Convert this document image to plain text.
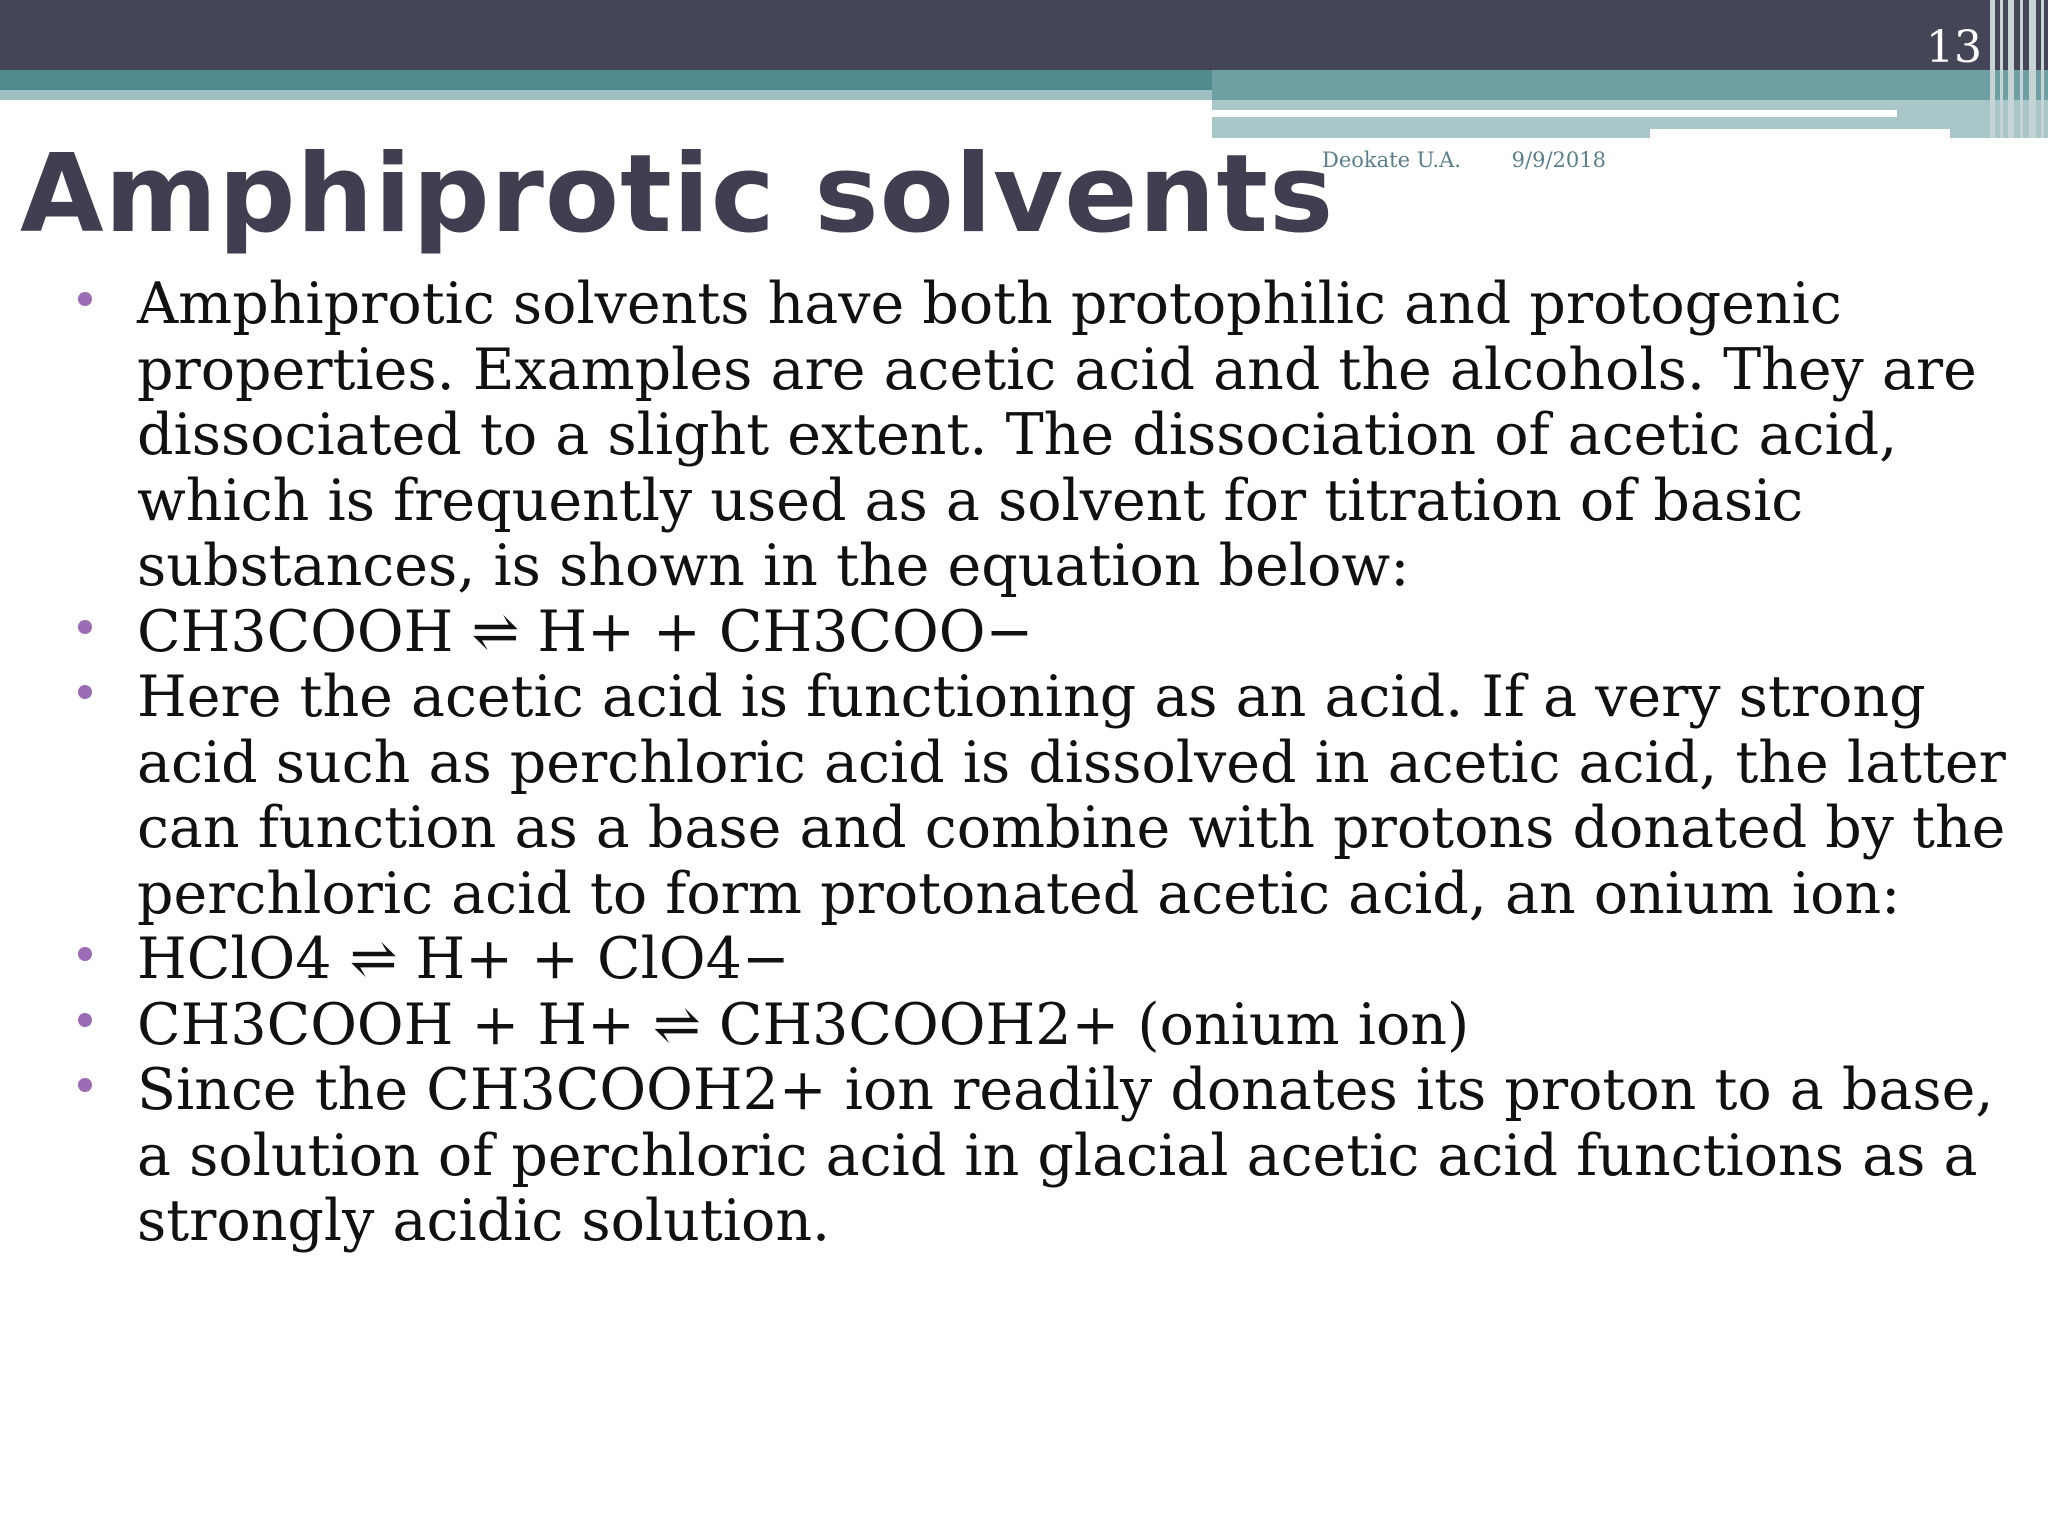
13
Deokate U.A. 9/9/2018
Amphiprotic solvents
Amphiprotic solvents have both protophilic and protogenic properties. Examples are acetic acid and the alcohols. They are dissociated to a slight extent. The dissociation of acetic acid, which is frequently used as a solvent for titration of basic substances, is shown in the equation below:
CH3COOH ⇌ H+ + CH3COO−
Here the acetic acid is functioning as an acid. If a very strong acid such as perchloric acid is dissolved in acetic acid, the latter can function as a base and combine with protons donated by the perchloric acid to form protonated acetic acid, an onium ion:
HClO4 ⇌ H+ + ClO4−
CH3COOH + H+ ⇌ CH3COOH2+ (onium ion)
Since the CH3COOH2+ ion readily donates its proton to a base, a solution of perchloric acid in glacial acetic acid functions as a strongly acidic solution.
